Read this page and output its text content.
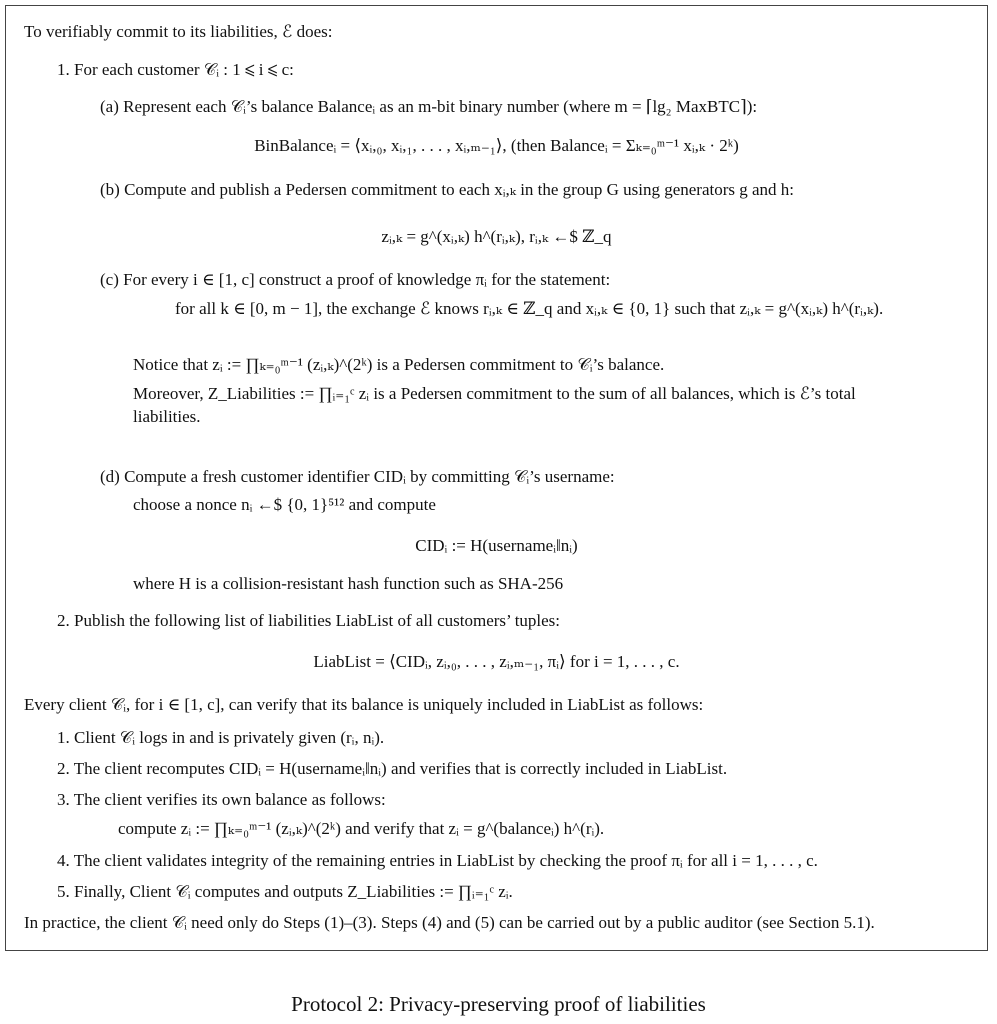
To verifiably commit to its liabilities, ℰ does:
1. For each customer 𝒞ᵢ : 1 ⩽ i ⩽ c:
(a) Represent each 𝒞ᵢ’s balance Balanceᵢ as an m-bit binary number (where m = ⌈lg₂ MaxBTC⌉):
BinBalanceᵢ = ⟨xᵢ,₀, xᵢ,₁, . . . , xᵢ,ₘ₋₁⟩, (then Balanceᵢ = Σₖ₌₀ᵐ⁻¹ xᵢ,ₖ · 2ᵏ)
(b) Compute and publish a Pedersen commitment to each xᵢ,ₖ in the group G using generators g and h:
zᵢ,ₖ = g^(xᵢ,ₖ) h^(rᵢ,ₖ), rᵢ,ₖ ←$ ℤ_q
(c) For every i ∈ [1, c] construct a proof of knowledge πᵢ for the statement:
for all k ∈ [0, m − 1], the exchange ℰ knows rᵢ,ₖ ∈ ℤ_q and xᵢ,ₖ ∈ {0, 1} such that zᵢ,ₖ = g^(xᵢ,ₖ) h^(rᵢ,ₖ).
Notice that zᵢ := ∏ₖ₌₀ᵐ⁻¹ (zᵢ,ₖ)^(2ᵏ) is a Pedersen commitment to 𝒞ᵢ’s balance.
Moreover, Z_Liabilities := ∏ᵢ₌₁ᶜ zᵢ is a Pedersen commitment to the sum of all balances, which is ℰ’s total
liabilities.
(d) Compute a fresh customer identifier CIDᵢ by committing 𝒞ᵢ’s username:
choose a nonce nᵢ ←$ {0, 1}⁵¹² and compute
CIDᵢ := H(usernameᵢ‖nᵢ)
where H is a collision-resistant hash function such as SHA-256
2. Publish the following list of liabilities LiabList of all customers’ tuples:
LiabList = ⟨CIDᵢ, zᵢ,₀, . . . , zᵢ,ₘ₋₁, πᵢ⟩ for i = 1, . . . , c.
Every client 𝒞ᵢ, for i ∈ [1, c], can verify that its balance is uniquely included in LiabList as follows:
1. Client 𝒞ᵢ logs in and is privately given (rᵢ, nᵢ).
2. The client recomputes CIDᵢ = H(usernameᵢ‖nᵢ) and verifies that is correctly included in LiabList.
3. The client verifies its own balance as follows:
compute zᵢ := ∏ₖ₌₀ᵐ⁻¹ (zᵢ,ₖ)^(2ᵏ) and verify that zᵢ = g^(balanceᵢ) h^(rᵢ).
4. The client validates integrity of the remaining entries in LiabList by checking the proof πᵢ for all i = 1, . . . , c.
5. Finally, Client 𝒞ᵢ computes and outputs Z_Liabilities := ∏ᵢ₌₁ᶜ zᵢ.
In practice, the client 𝒞ᵢ need only do Steps (1)–(3). Steps (4) and (5) can be carried out by a public auditor (see Section 5.1).
Protocol 2: Privacy-preserving proof of liabilities
